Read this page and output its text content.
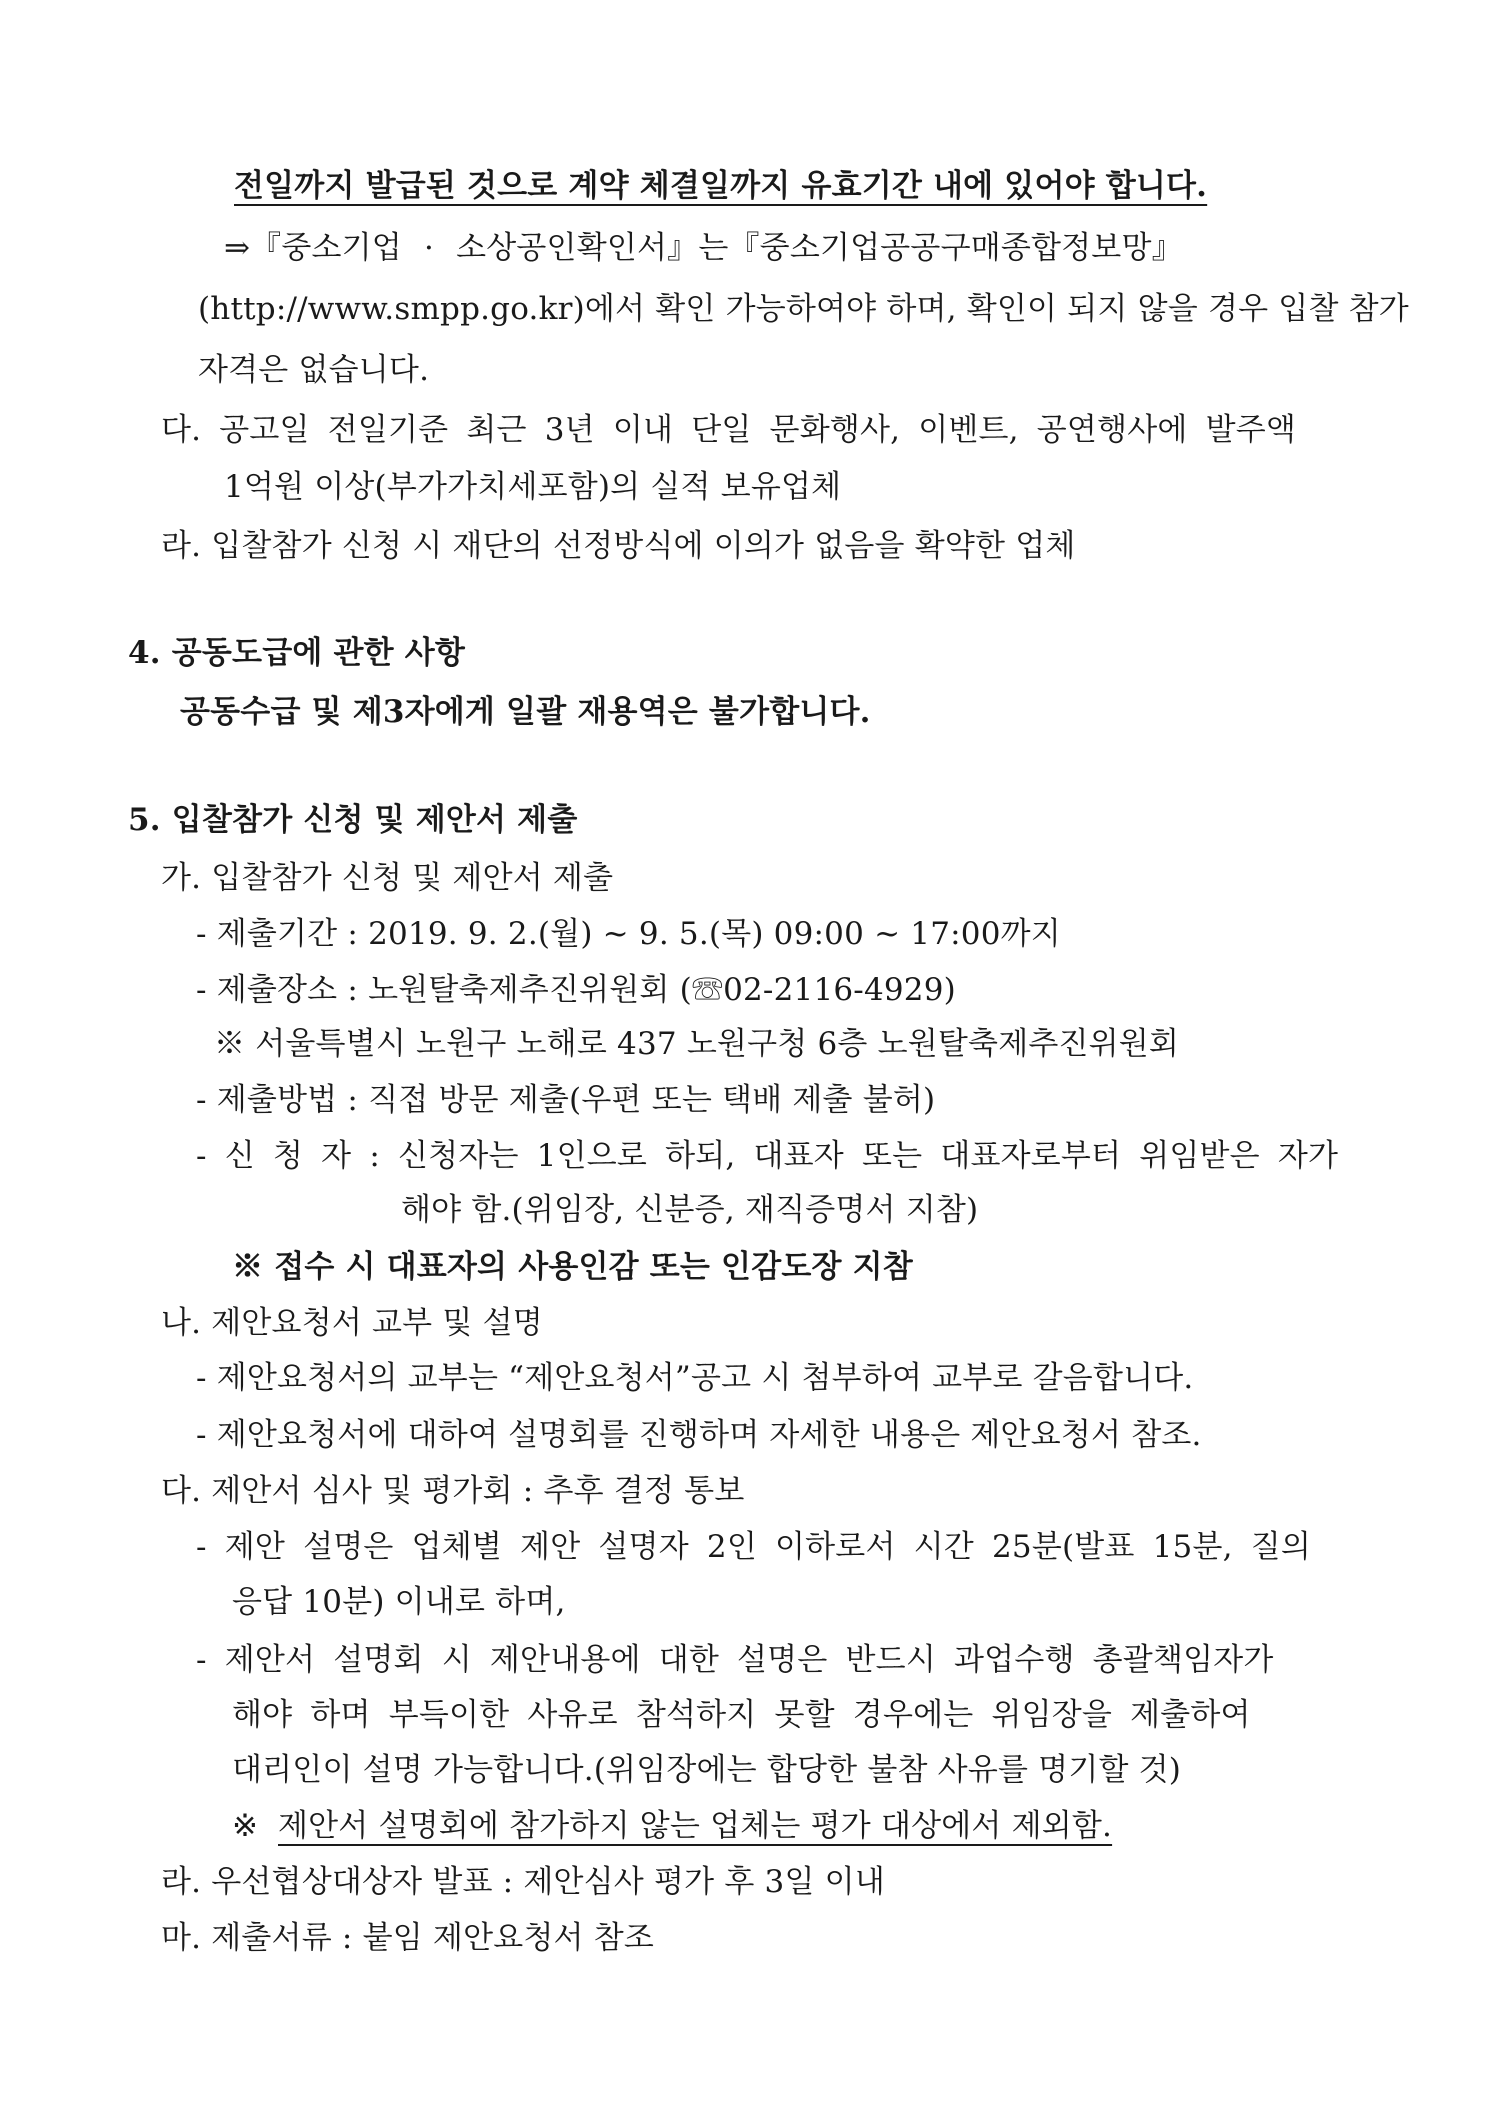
전일까지 발급된 것으로 계약 체결일까지 유효기간 내에 있어야 합니다.
⇒『중소기업 · 소상공인확인서』는『중소기업공공구매종합정보망』
(http://www.smpp.go.kr)에서 확인 가능하여야 하며, 확인이 되지 않을 경우 입찰 참가
자격은 없습니다.
다. 공고일 전일기준 최근 3년 이내 단일 문화행사, 이벤트, 공연행사에 발주액
1억원 이상(부가가치세포함)의 실적 보유업체
라. 입찰참가 신청 시 재단의 선정방식에 이의가 없음을 확약한 업체
4. 공동도급에 관한 사항
공동수급 및 제3자에게 일괄 재용역은 불가합니다.
5. 입찰참가 신청 및 제안서 제출
가. 입찰참가 신청 및 제안서 제출
- 제출기간 : 2019. 9. 2.(월) ~ 9. 5.(목) 09:00 ~ 17:00까지
- 제출장소 : 노원탈축제추진위원회 (☏02-2116-4929)
※ 서울특별시 노원구 노해로 437 노원구청 6층 노원탈축제추진위원회
- 제출방법 : 직접 방문 제출(우편 또는 택배 제출 불허)
- 신 청 자 : 신청자는 1인으로 하되, 대표자 또는 대표자로부터 위임받은 자가
해야 함.(위임장, 신분증, 재직증명서 지참)
※ 접수 시 대표자의 사용인감 또는 인감도장 지참
나. 제안요청서 교부 및 설명
- 제안요청서의 교부는 “제안요청서”공고 시 첨부하여 교부로 갈음합니다.
- 제안요청서에 대하여 설명회를 진행하며 자세한 내용은 제안요청서 참조.
다. 제안서 심사 및 평가회 : 추후 결정 통보
- 제안 설명은 업체별 제안 설명자 2인 이하로서 시간 25분(발표 15분, 질의
응답 10분) 이내로 하며,
- 제안서 설명회 시 제안내용에 대한 설명은 반드시 과업수행 총괄책임자가
해야 하며 부득이한 사유로 참석하지 못할 경우에는 위임장을 제출하여
대리인이 설명 가능합니다.(위임장에는 합당한 불참 사유를 명기할 것)
※ 제안서 설명회에 참가하지 않는 업체는 평가 대상에서 제외함.
라. 우선협상대상자 발표 : 제안심사 평가 후 3일 이내
마. 제출서류 : 붙임 제안요청서 참조
